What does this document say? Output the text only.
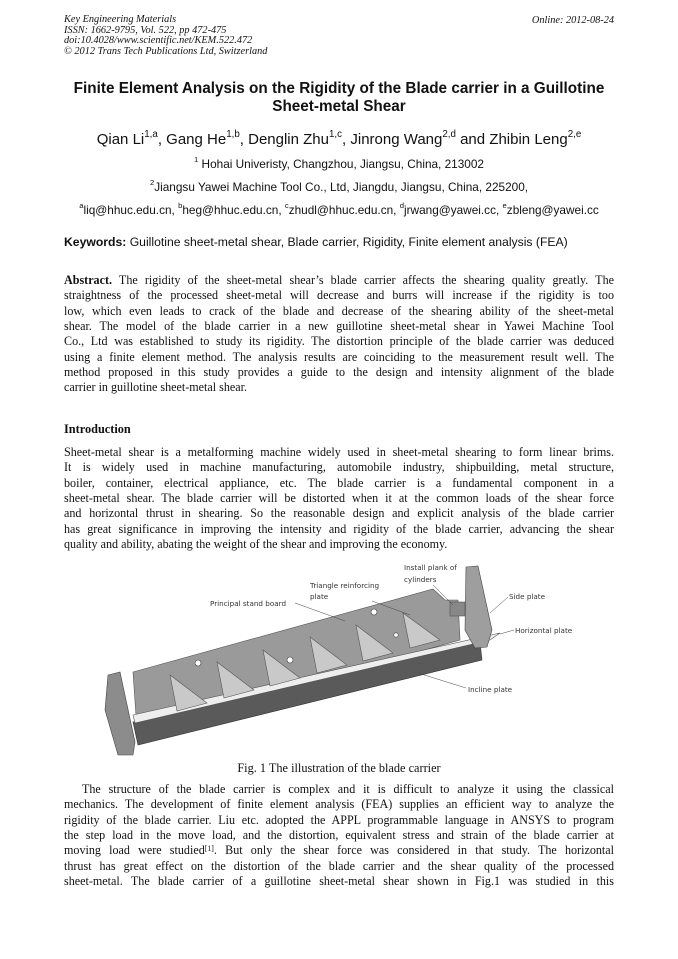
Key Engineering Materials
ISSN: 1662-9795, Vol. 522, pp 472-475
doi:10.4028/www.scientific.net/KEM.522.472
© 2012 Trans Tech Publications Ltd, Switzerland
Online: 2012-08-24
Finite Element Analysis on the Rigidity of the Blade carrier in a Guillotine
Sheet-metal Shear
Qian Li$^{1,a}$, Gang He$^{1,b}$, Denglin Zhu$^{1,c}$, Jinrong Wang$^{2,d}$ and Zhibin Leng$^{2,e}$
$^1$ Hohai Univeristy, Changzhou, Jiangsu, China, 213002
$^2$Jiangsu Yawei Machine Tool Co., Ltd, Jiangdu, Jiangsu, China, 225200,
$^a$liq@hhuc.edu.cn, $^b$heg@hhuc.edu.cn, $^c$zhudl@hhuc.edu.cn, $^d$jrwang@yawei.cc, $^e$zbleng@yawei.cc
Keywords: Guillotine sheet-metal shear, Blade carrier, Rigidity, Finite element analysis (FEA)
Abstract. The rigidity of the sheet-metal shear’s blade carrier affects the shearing quality greatly. The
straightness of the processed sheet-metal will decrease and burrs will increase if the rigidity is too
low, which even leads to crack of the blade and decrease of the shearing ability of the sheet-metal
shear. The model of the blade carrier in a new guillotine sheet-metal shear in Yawei Machine Tool
Co., Ltd was established to study its rigidity. The distortion principle of the blade carrier was deduced
using a finite element method. The analysis results are coinciding to the measurement result well. The
method proposed in this study provides a guide to the design and intensity alignment of the blade
carrier in guillotine sheet-metal shear.
Introduction
Sheet-metal shear is a metalforming machine widely used in sheet-metal shearing to form linear brims.
It is widely used in machine manufacturing, automobile industry, shipbuilding, metal structure,
boiler, container, electrical appliance, etc. The blade carrier is a fundamental component in a
sheet-metal shear. The blade carrier will be distorted when it at the common loads of the shear force
and horizontal thrust in shearing. So the reasonable design and explicit analysis of the blade carrier
has great significance in improving the intensity and rigidity of the blade carrier, advancing the shear
quality and ability, abating the weight of the shear and improving the economy.
Install plank of
cylinders
Triangle reinforcing
plate
Principal stand board
Side plate
Horizontal plate
Incline plate
Fig. 1 The illustration of the blade carrier
The structure of the blade carrier is complex and it is difficult to analyze it using the classical
mechanics. The development of finite element analysis (FEA) supplies an efficient way to analyze the
rigidity of the blade carrier. Liu etc. adopted the APPL programmable language in ANSYS to program
the step load in the move load, and the distortion, equivalent stress and strain of the blade carrier at
moving load were studied[1]. But only the shear force was considered in that study. The horizontal
thrust has great effect on the distortion of the blade carrier and the shear quality of the processed
sheet-metal. The blade carrier of a guillotine sheet-metal shear shown in Fig.1 was studied in this
